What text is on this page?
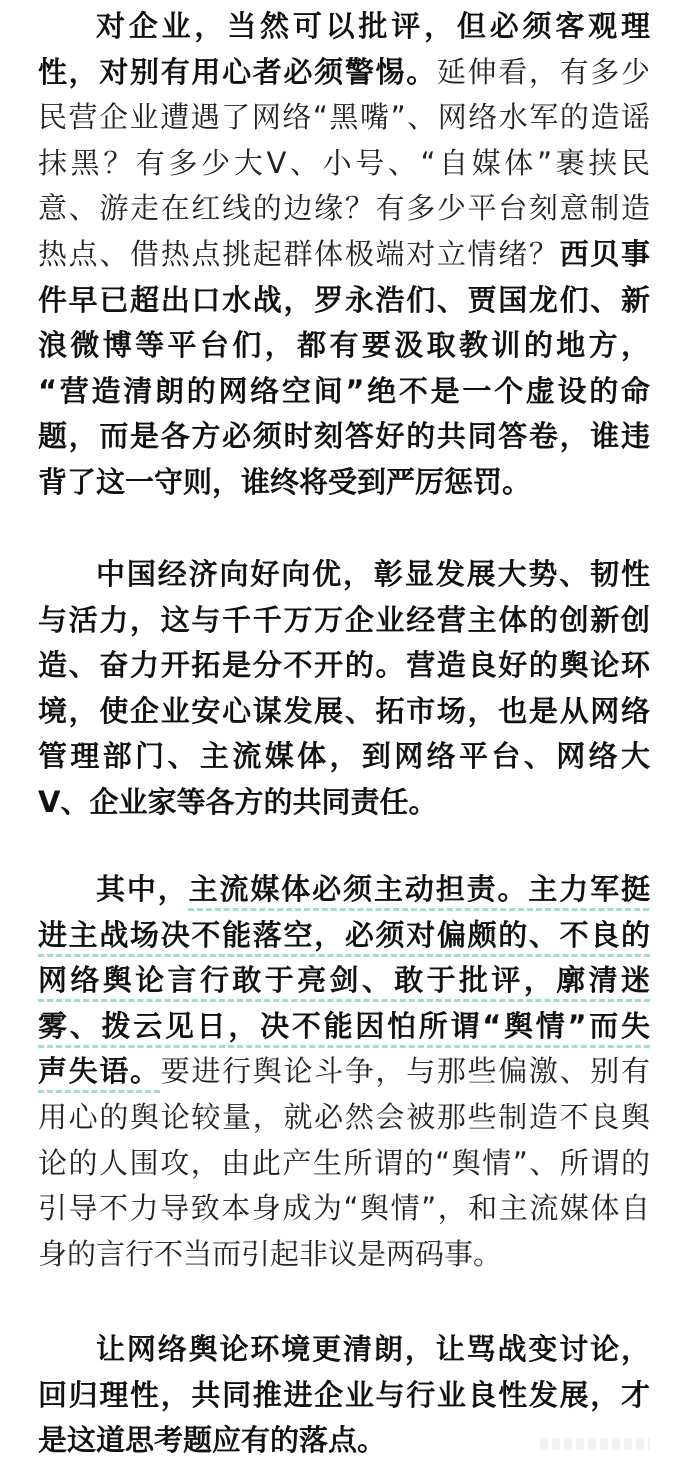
对企业，当然可以批评，但必须客观理
性，对别有用心者必须警惕。延伸看，有多少
民营企业遭遇了网络“黑嘴”、网络水军的造谣
抹黑？有多少大V、小号、“自媒体”裹挟民
意、游走在红线的边缘？有多少平台刻意制造
热点、借热点挑起群体极端对立情绪？西贝事
件早已超出口水战，罗永浩们、贾国龙们、新
浪微博等平台们，都有要汲取教训的地方，
“营造清朗的网络空间”绝不是一个虚设的命
题，而是各方必须时刻答好的共同答卷，谁违
背了这一守则，谁终将受到严厉惩罚。
中国经济向好向优，彰显发展大势、韧性
与活力，这与千千万万企业经营主体的创新创
造、奋力开拓是分不开的。营造良好的舆论环
境，使企业安心谋发展、拓市场，也是从网络
管理部门、主流媒体，到网络平台、网络大
V、企业家等各方的共同责任。
其中，主流媒体必须主动担责。主力军挺
进主战场决不能落空，必须对偏颇的、不良的
网络舆论言行敢于亮剑、敢于批评，廓清迷
雾、拨云见日，决不能因怕所谓“舆情”而失
声失语。要进行舆论斗争，与那些偏激、别有
用心的舆论较量，就必然会被那些制造不良舆
论的人围攻，由此产生所谓的“舆情”、所谓的
引导不力导致本身成为“舆情”，和主流媒体自
身的言行不当而引起非议是两码事。
让网络舆论环境更清朗，让骂战变讨论，
回归理性，共同推进企业与行业良性发展，才
是这道思考题应有的落点。
